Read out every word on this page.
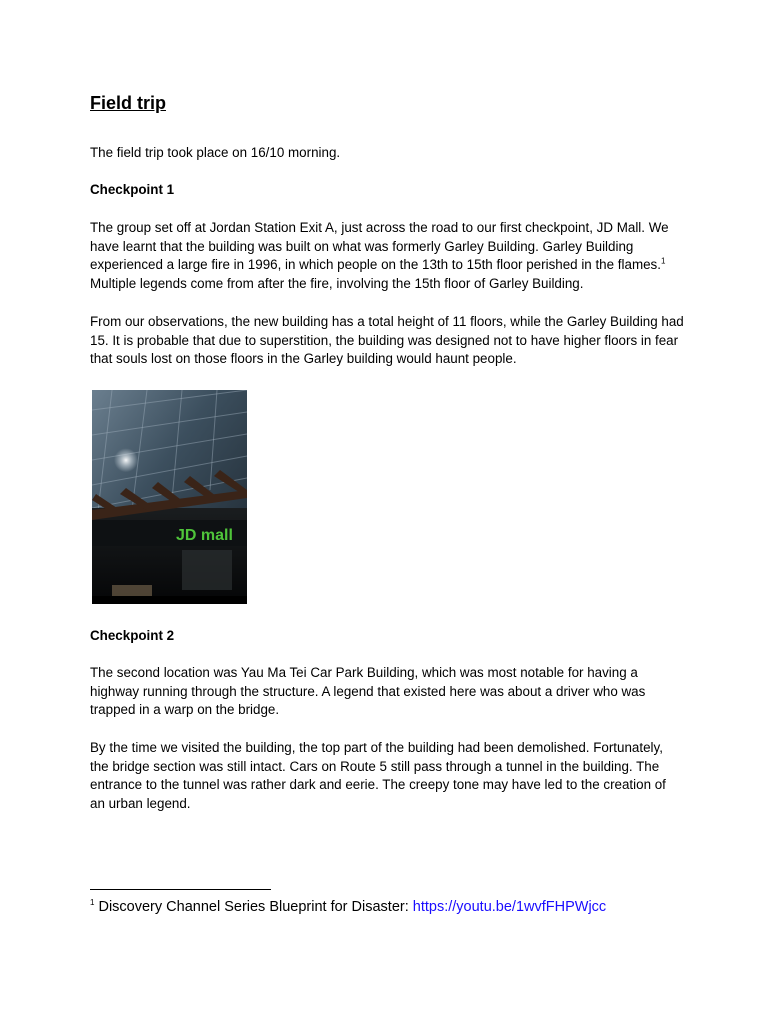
Field trip

The field trip took place on 16/10 morning.

Checkpoint 1

The group set off at Jordan Station Exit A, just across the road to our first checkpoint, JD Mall. We have learnt that the building was built on what was formerly Garley Building. Garley Building experienced a large fire in 1996, in which people on the 13th to 15th floor perished in the flames.$^1$ Multiple legends come from after the fire, involving the 15th floor of Garley Building.

From our observations, the new building has a total height of 11 floors, while the Garley Building had 15. It is probable that due to superstition, the building was designed not to have higher floors in fear that souls lost on those floors in the Garley building would haunt people.

JD mall

Checkpoint 2

The second location was Yau Ma Tei Car Park Building, which was most notable for having a highway running through the structure. A legend that existed here was about a driver who was trapped in a warp on the bridge.

By the time we visited the building, the top part of the building had been demolished. Fortunately, the bridge section was still intact. Cars on Route 5 still pass through a tunnel in the building. The entrance to the tunnel was rather dark and eerie. The creepy tone may have led to the creation of an urban legend.

$^1$ Discovery Channel Series Blueprint for Disaster: https://youtu.be/1wvfFHPWjcc
